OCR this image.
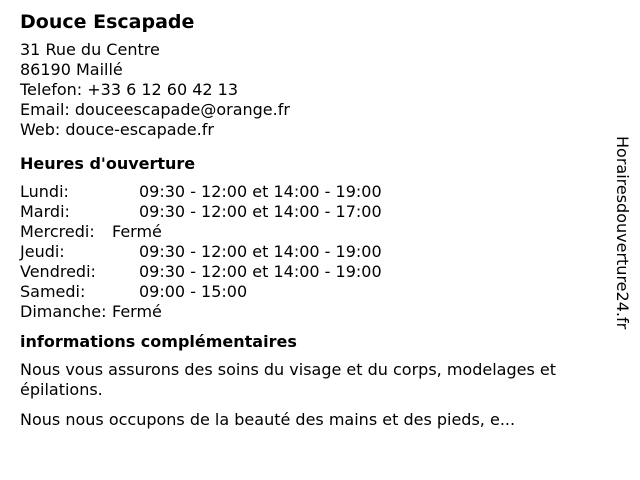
Douce Escapade
31 Rue du Centre
86190 Maillé
Telefon: +33 6 12 60 42 13
Email: douceescapade@orange.fr
Web: douce-escapade.fr
Heures d'ouverture
Lundi:	09:30 - 12:00 et 14:00 - 19:00
Mardi:	09:30 - 12:00 et 14:00 - 17:00
Mercredi:	Fermé
Jeudi:	09:30 - 12:00 et 14:00 - 19:00
Vendredi:	09:30 - 12:00 et 14:00 - 19:00
Samedi:	09:00 - 15:00
Dimanche:	Fermé
informations complémentaires

Nous vous assurons des soins du visage et du corps, modelages et épilations.

Nous nous occupons de la beauté des mains et des pieds, e...

Horairesdouverture24.fr
